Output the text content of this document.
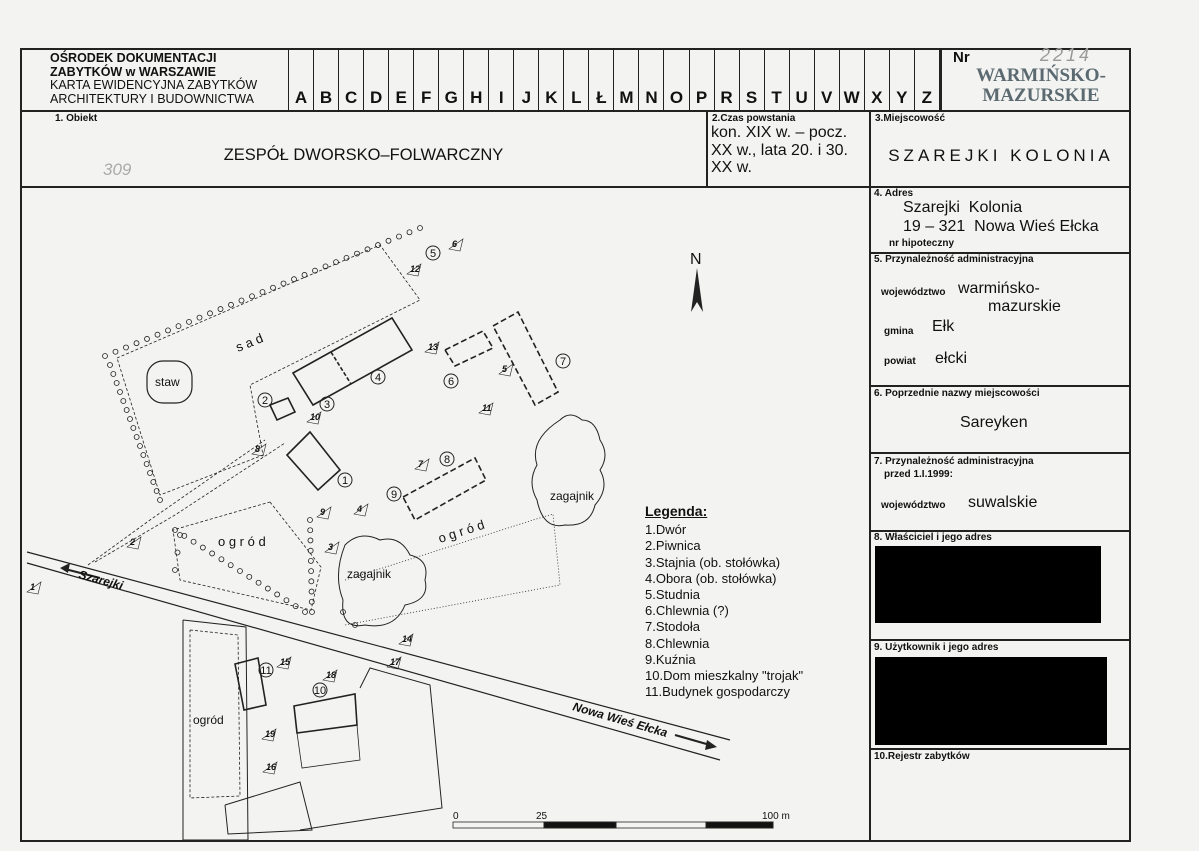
OŚRODEK DOKUMENTACJI
ZABYTKÓW w WARSZAWIE
KARTA EWIDENCYJNA ZABYTKÓW
ARCHITEKTURY I BUDOWNICTWA	A B C D E F G H I	J K L Ł M N O P R S T U V W X Y Z
Nr	2214
WARMIŃSKO-
MAZURSKIE
1. Obiekt
ZESPÓŁ DWORSKO–FOLWARCZNY
309
2.Czas powstania
kon. XIX w. – pocz. XX w., lata 20. i 30. XX w.
3.Miejscowość
SZAREJKI KOLONIA
4. Adres
Szarejki  Kolonia
19 – 321  Nowa Wieś Ełcka
nr hipoteczny
5. Przynależność administracyjna
województwo warmińsko-
mazurskie
gmina Ełk
powiat ełcki
6. Poprzednie nazwy miejscowości
Sareyken
7. Przynależność administracyjna
przed 1.I.1999:
województwo suwalskie
8. Właściciel i jego adres
9. Użytkownik i jego adres
10.Rejestr zabytków
N
s a d
staw
o g r ó d	o g r ó d
ogród
zagajnik
zagajnik
Szarejki
Nowa Wieś Ełcka
1
2	3
4
5
6
7
8
9
10
11
1
2	3
4
5
6
7
8
9
10
11
12
13
14
15
16
17
18
19
0	25	100 m
Legenda:
1.Dwór
2.Piwnica
3.Stajnia (ob. stołówka)
4.Obora (ob. stołówka)
5.Studnia
6.Chlewnia (?)
7.Stodoła
8.Chlewnia
9.Kuźnia
10.Dom mieszkalny "trojak"
11.Budynek gospodarczy
